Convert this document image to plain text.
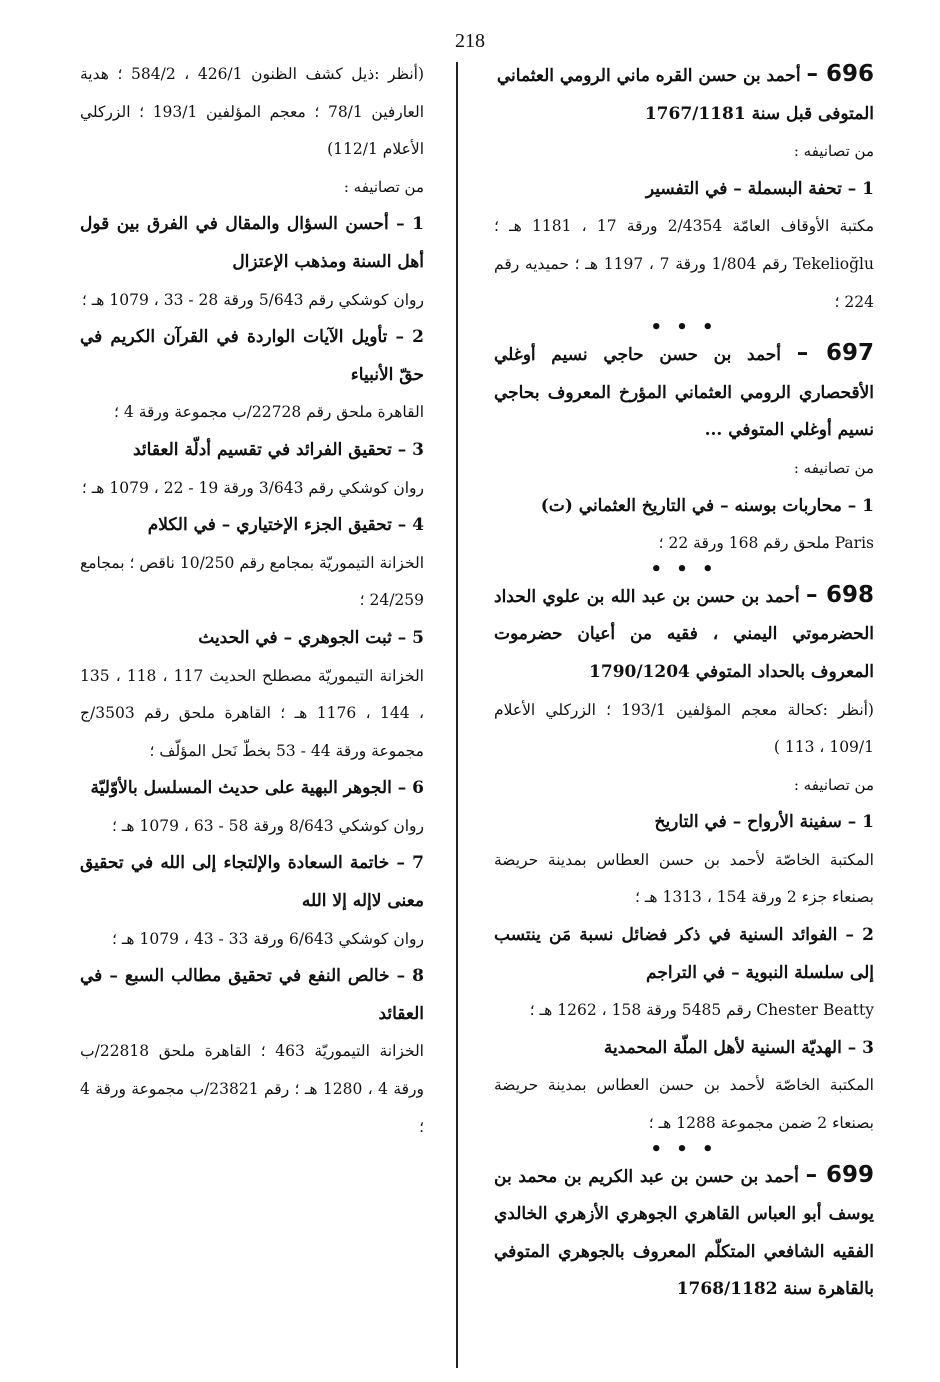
218

696 – أحمد بن حسن القره ماني الرومي العثماني

المتوفى قبل سنة 1767/1181

من تصانيفه :

1 – تحفة البسملة – في التفسير

مكتبة الأوقاف العامّة 2/4354 ورقة 17 ، 1181 هـ ؛ Tekelioğlu رقم 1/804 ورقة 7 ، 1197 هـ ؛ حميديه رقم 224 ؛

• • •

697 – أحمد بن حسن حاجي نسيم أوغلي الأقحصاري الرومي العثماني المؤرخ المعروف بحاجي نسيم أوغلي المتوفي ...

من تصانيفه :

1 – محاربات بوسنه – في التاريخ العثماني (ت)

Paris ملحق رقم 168 ورقة 22 ؛

• • •

698 – أحمد بن حسن بن عبد الله بن علوي الحداد الحضرموتي اليمني ، فقيه من أعيان حضرموت المعروف بالحداد المتوفي 1790/1204

(أنظر :كحالة معجم المؤلفين 193/1 ؛ الزركلي الأعلام 109/1 ، 113 )

من تصانيفه :

1 – سفينة الأرواح – في التاريخ

المكتبة الخاصّة لأحمد بن حسن العطاس بمدينة حريضة بصنعاء جزء 2 ورقة 154 ، 1313 هـ ؛

2 – الفوائد السنية في ذكر فضائل نسبة مَن ينتسب إلى سلسلة النبوية – في التراجم

Chester Beatty رقم 5485 ورقة 158 ، 1262 هـ ؛

3 – الهديّة السنية لأهل الملّة المحمدية

المكتبة الخاصّة لأحمد بن حسن العطاس بمدينة حريضة بصنعاء 2 ضمن مجموعة 1288 هـ ؛

• • •

699 – أحمد بن حسن بن عبد الكريم بن محمد بن يوسف أبو العباس القاهري الجوهري الأزهري الخالدي الفقيه الشافعي المتكلّم المعروف بالجوهري المتوفي بالقاهرة سنة 1768/1182

(أنظر :ذيل كشف الظنون 426/1 ، 584/2 ؛ هدية العارفين 78/1 ؛ معجم المؤلفين 193/1 ؛ الزركلي الأعلام 112/1)

من تصانيفه :

1 – أحسن السؤال والمقال في الفرق بين قول أهل السنة ومذهب الإعتزال

روان كوشكي رقم 5/643 ورقة 28 - 33 ، 1079 هـ ؛

2 – تأويل الآيات الواردة في القرآن الكريم في حقّ الأنبياء

القاهرة ملحق رقم 22728/ب مجموعة ورقة 4 ؛

3 – تحقيق الفرائد في تقسيم أدلّة العقائد

روان كوشكي رقم 3/643 ورقة 19 - 22 ، 1079 هـ ؛

4 – تحقيق الجزء الإختياري – في الكلام

الخزانة التيموريّة بمجامع رقم 10/250 ناقص ؛ بمجامع 24/259 ؛

5 – ثبت الجوهري – في الحديث

الخزانة التيموريّة مصطلح الحديث 117 ، 118 ، 135 ، 144 ، 1176 هـ ؛ القاهرة ملحق رقم 3503/ج مجموعة ورقة 44 - 53 بخطّ نَحل المؤلّف ؛

6 – الجوهر البهية على حديث المسلسل بالأوّليّة

روان كوشكي 8/643 ورقة 58 - 63 ، 1079 هـ ؛

7 – خاتمة السعادة والإلتجاء إلى الله في تحقيق معنى لاإله إلا الله

روان كوشكي 6/643 ورقة 33 - 43 ، 1079 هـ ؛

8 – خالص النفع في تحقيق مطالب السبع – في العقائد

الخزانة التيموريّة 463 ؛ القاهرة ملحق 22818/ب ورقة 4 ، 1280 هـ ؛ رقم 23821/ب مجموعة ورقة 4 ؛
